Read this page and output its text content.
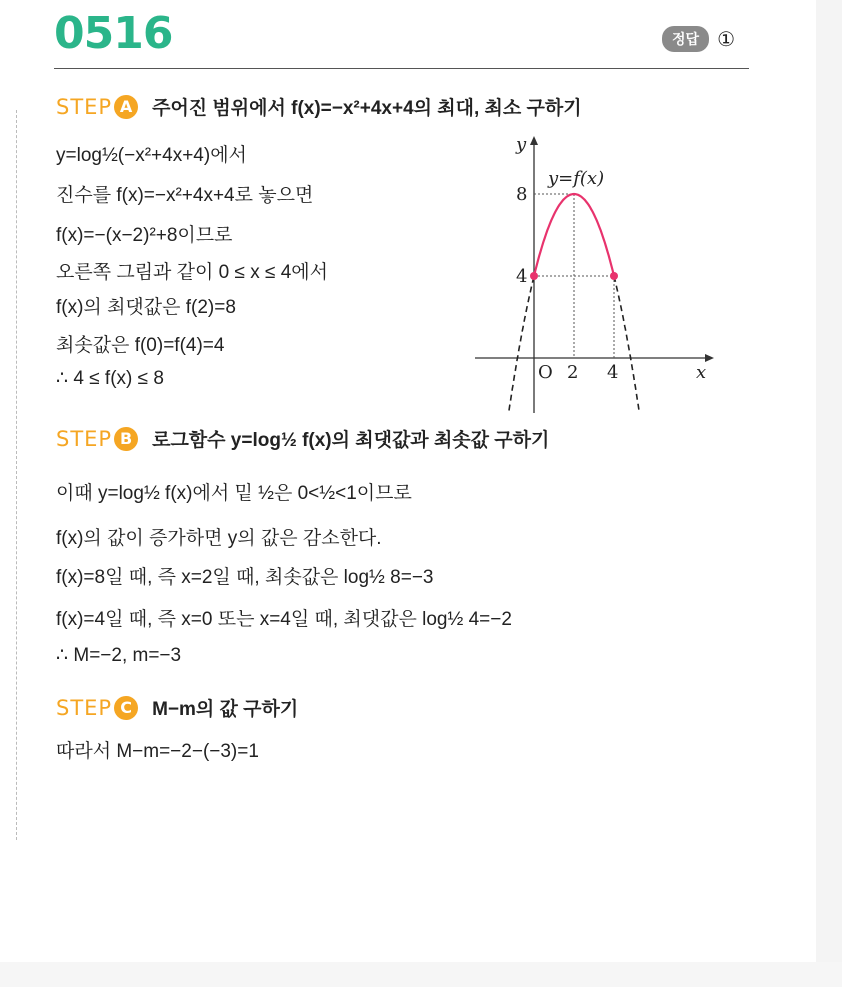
0516	정답 ①
STEP A	주어진 범위에서 f(x)=−x²+4x+4의 최대, 최소 구하기
y=log½(−x²+4x+4)에서
진수를 f(x)=−x²+4x+4로 놓으면
f(x)=−(x−2)²+8이므로
오른쪽 그림과 같이 0 ≤ x ≤ 4에서
f(x)의 최댓값은 f(2)=8
최솟값은 f(0)=f(4)=4
∴ 4 ≤ f(x) ≤ 8
y
x
O 2 4
8
4
y=f(x)
STEP B	로그함수 y=log½ f(x)의 최댓값과 최솟값 구하기
이때 y=log½ f(x)에서 밑 ½은 0<½<1이므로
f(x)의 값이 증가하면 y의 값은 감소한다.
f(x)=8일 때, 즉 x=2일 때, 최솟값은 log½ 8=−3
f(x)=4일 때, 즉 x=0 또는 x=4일 때, 최댓값은 log½ 4=−2
∴ M=−2, m=−3
STEP C	M−m의 값 구하기
따라서 M−m=−2−(−3)=1
